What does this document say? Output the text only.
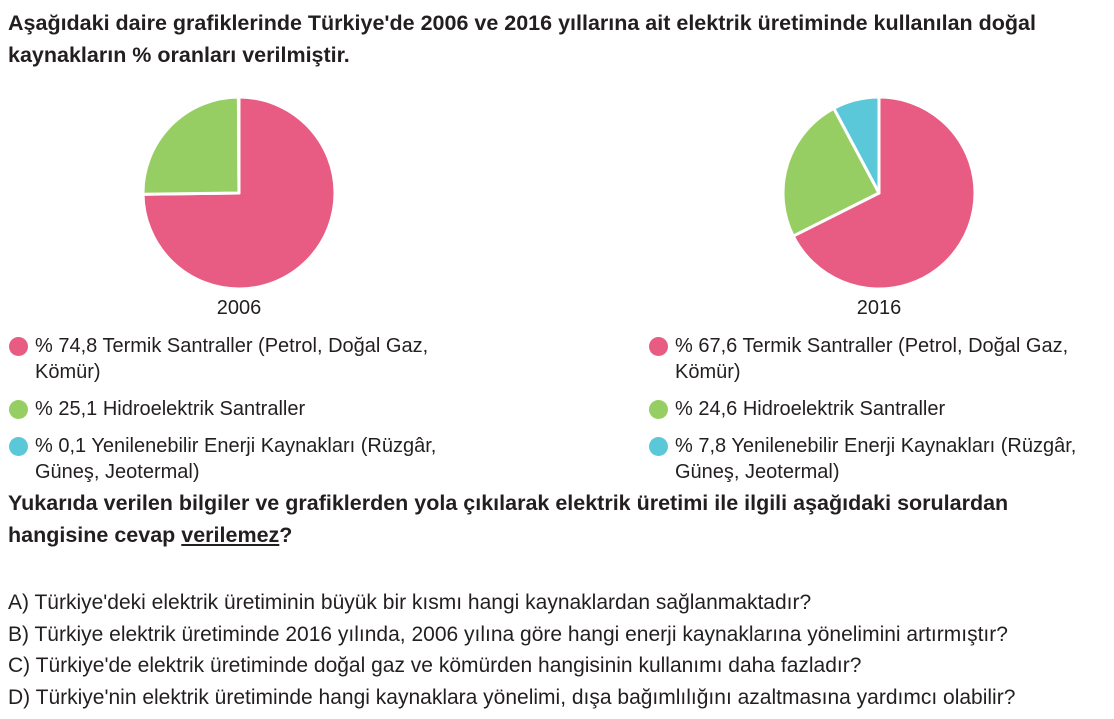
Aşağıdaki daire grafiklerinde Türkiye'de 2006 ve 2016 yıllarına ait elektrik üretiminde kullanılan doğal kaynakların % oranları verilmiştir.

2006
% 74,8 Termik Santraller (Petrol, Doğal Gaz, Kömür)
% 25,1 Hidroelektrik Santraller
% 0,1 Yenilenebilir Enerji Kaynakları (Rüzgâr, Güneş, Jeotermal)
2016
% 67,6 Termik Santraller (Petrol, Doğal Gaz, Kömür)
% 24,6 Hidroelektrik Santraller
% 7,8 Yenilenebilir Enerji Kaynakları (Rüzgâr, Güneş, Jeotermal)

Yukarıda verilen bilgiler ve grafiklerden yola çıkılarak elektrik üretimi ile ilgili aşağıdaki sorulardan hangisine cevap verilemez?

A) Türkiye'deki elektrik üretiminin büyük bir kısmı hangi kaynaklardan sağlanmaktadır?
B) Türkiye elektrik üretiminde 2016 yılında, 2006 yılına göre hangi enerji kaynaklarına yönelimini artırmıştır?
C) Türkiye'de elektrik üretiminde doğal gaz ve kömürden hangisinin kullanımı daha fazladır?
D) Türkiye'nin elektrik üretiminde hangi kaynaklara yönelimi, dışa bağımlılığını azaltmasına yardımcı olabilir?
